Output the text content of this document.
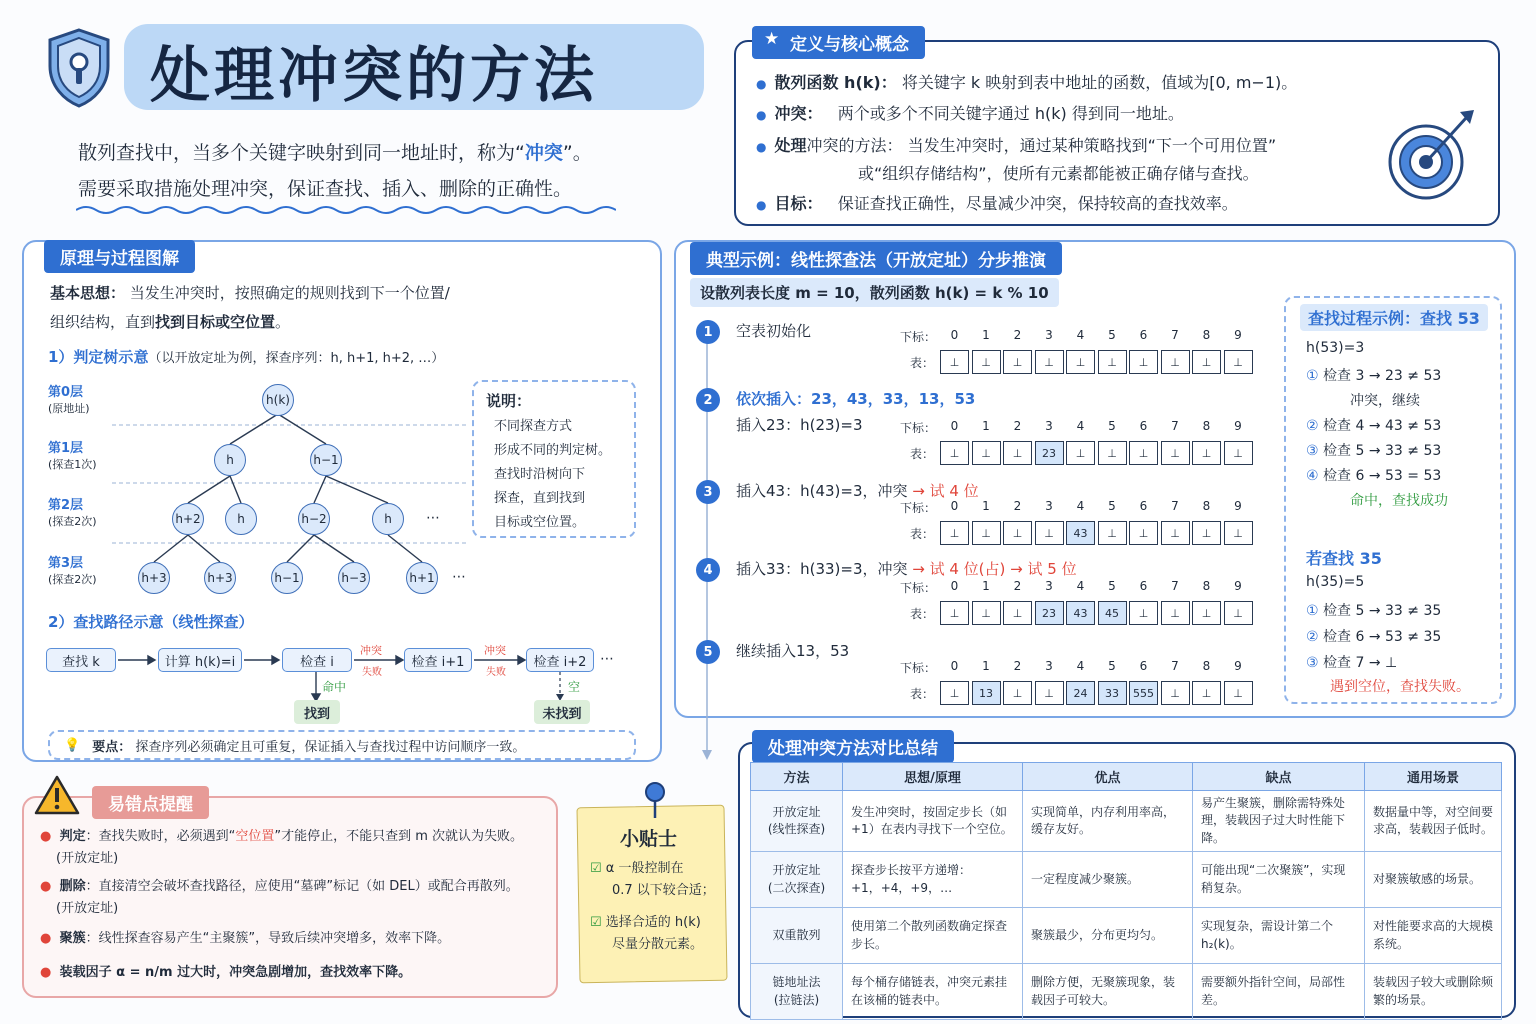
处理冲突的方法
散列查找中，当多个关键字映射到同一地址时，称为“冲突”。
需要采取措施处理冲突，保证查找、插入、删除的正确性。
★ 定义与核心概念
● 散列函数 h(k)： 将关键字 k 映射到表中地址的函数，值域为[0, m−1)。
● 冲突： 两个或多个不同关键字通过 h(k) 得到同一地址。
● 处理冲突的方法： 当发生冲突时，通过某种策略找到“下一个可用位置”
或“组织存储结构”，使所有元素都能被正确存储与查找。
● 目标： 保证查找正确性，尽量减少冲突，保持较高的查找效率。
原理与过程图解
基本思想： 当发生冲突时，按照确定的规则找到下一个位置/
组织结构，直到找到目标或空位置。
1）判定树示意（以开放定址为例，探查序列：h, h+1, h+2, …）
第0层
(原地址)
第1层
(探查1次)
第2层
(探查2次)
第3层
(探查2次)
h(k)
h	h−1
h+2	h	h−2	h	⋯
h+3	h+3	h−1	h−3	h+1 ⋯
说明：
不同探查方式
形成不同的判定树。
查找时沿树向下
探查，直到找到
目标或空位置。
2）查找路径示意（线性探查）
查找 k	计算 h(k)=i	检查 i	检查 i+1	检查 i+2 ⋯
冲突
失败
冲突
失败
命中	空
找到	未找到
💡 要点：
探查序列必须确定且可重复，保证插入与查找过程中访问顺序一致。
易错点提醒
● 判定：查找失败时，必须遇到“空位置”才能停止，不能只查到 m 次就认为失败。
(开放定址)
● 删除：直接清空会破坏查找路径，应使用“墓碑”标记（如 DEL）或配合再散列。
(开放定址)
● 聚簇：线性探查容易产生“主聚簇”，导致后续冲突增多，效率下降。
● 装载因子 α = n/m 过大时，冲突急剧增加，查找效率下降。
小贴士
☑ α 一般控制在
0.7 以下较合适；
☑ 选择合适的 h(k)
尽量分散元素。
典型示例：线性探查法（开放定址）分步推演
设散列表长度 m = 10，散列函数 h(k) = k % 10
1	空表初始化	下标：
表：
0	1	2	3	4	5	6	7	8	9
⊥	⊥	⊥	⊥	⊥	⊥	⊥	⊥	⊥	⊥
2	依次插入：23，43，33，13，53
插入23：h(23)=3	下标：
表：
0	1	2	3	4	5	6	7	8	9
⊥	⊥	⊥	23	⊥	⊥	⊥	⊥	⊥	⊥
3	插入43：h(43)=3，冲突 → 试 4 位
下标：
表：
0	1	2	3	4	5	6	7	8	9
⊥	⊥	⊥	⊥	43	⊥	⊥	⊥	⊥	⊥
4	插入33：h(33)=3，冲突 → 试 4 位(占) → 试 5 位
下标：
表：
0	1	2	3	4	5	6	7	8	9
⊥	⊥	⊥	23	43	45	⊥	⊥	⊥	⊥
5	继续插入13，53
下标：
表：
0	1	2	3	4	5	6	7	8	9
⊥	13	⊥	⊥	24	33	555	⊥	⊥	⊥
查找过程示例：查找 53
h(53)=3
① 检查 3 → 23 ≠ 53
冲突，继续
② 检查 4 → 43 ≠ 53
③ 检查 5 → 33 ≠ 53
④ 检查 6 → 53 = 53
命中，查找成功
若查找 35
h(35)=5
① 检查 5 → 33 ≠ 35
② 检查 6 → 53 ≠ 35
③ 检查 7 → ⊥
遇到空位，查找失败。
处理冲突方法对比总结
方法	思想/原理	优点	缺点	通用场景
开放定址
(线性探查)	发生冲突时，按固定步长（如 +1）在表内寻找下一个空位。	实现简单，内存利用率高，缓存友好。	易产生聚簇，删除需特殊处理，装载因子过大时性能下降。	数据量中等，对空间要求高，装载因子低时。
开放定址
(二次探查)	探查步长按平方递增：+1，+4，+9，…	一定程度减少聚簇。	可能出现“二次聚簇”，实现稍复杂。	对聚簇敏感的场景。
双重散列	使用第二个散列函数确定探查步长。	聚簇最少，分布更均匀。	实现复杂，需设计第二个 h₂(k)。	对性能要求高的大规模系统。
链地址法
(拉链法)	每个桶存储链表，冲突元素挂在该桶的链表中。	删除方便，无聚簇现象，装载因子可较大。	需要额外指针空间，局部性差。	装载因子较大或删除频繁的场景。
